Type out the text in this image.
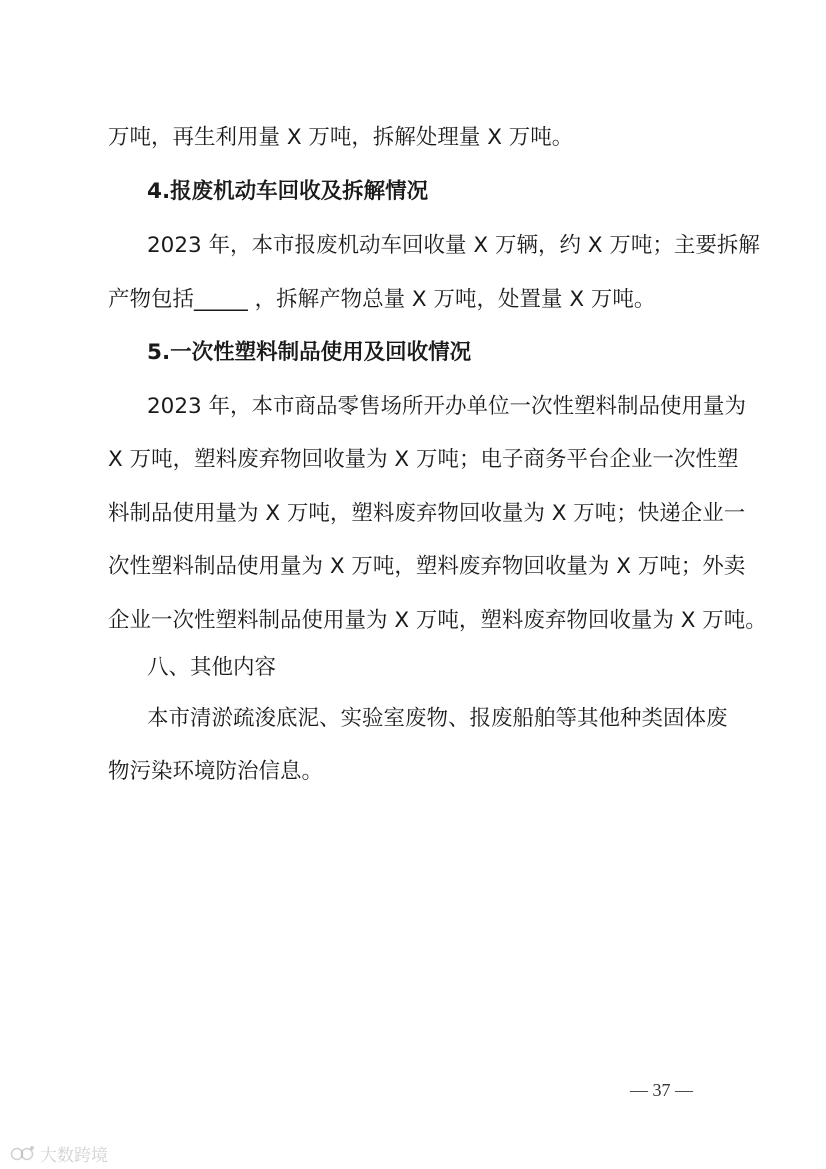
万吨，再生利用量 X 万吨，拆解处理量 X 万吨。
4.报废机动车回收及拆解情况
2023 年，本市报废机动车回收量 X 万辆，约 X 万吨；主要拆解
产物包括_____ ，拆解产物总量 X 万吨，处置量 X 万吨。
5.一次性塑料制品使用及回收情况
2023 年，本市商品零售场所开办单位一次性塑料制品使用量为
X 万吨，塑料废弃物回收量为 X 万吨；电子商务平台企业一次性塑
料制品使用量为 X 万吨，塑料废弃物回收量为 X 万吨；快递企业一
次性塑料制品使用量为 X 万吨，塑料废弃物回收量为 X 万吨；外卖
企业一次性塑料制品使用量为 X 万吨，塑料废弃物回收量为 X 万吨。
八、其他内容
本市清淤疏浚底泥、实验室废物、报废船舶等其他种类固体废
物污染环境防治信息。
— 37 —
大数跨境
